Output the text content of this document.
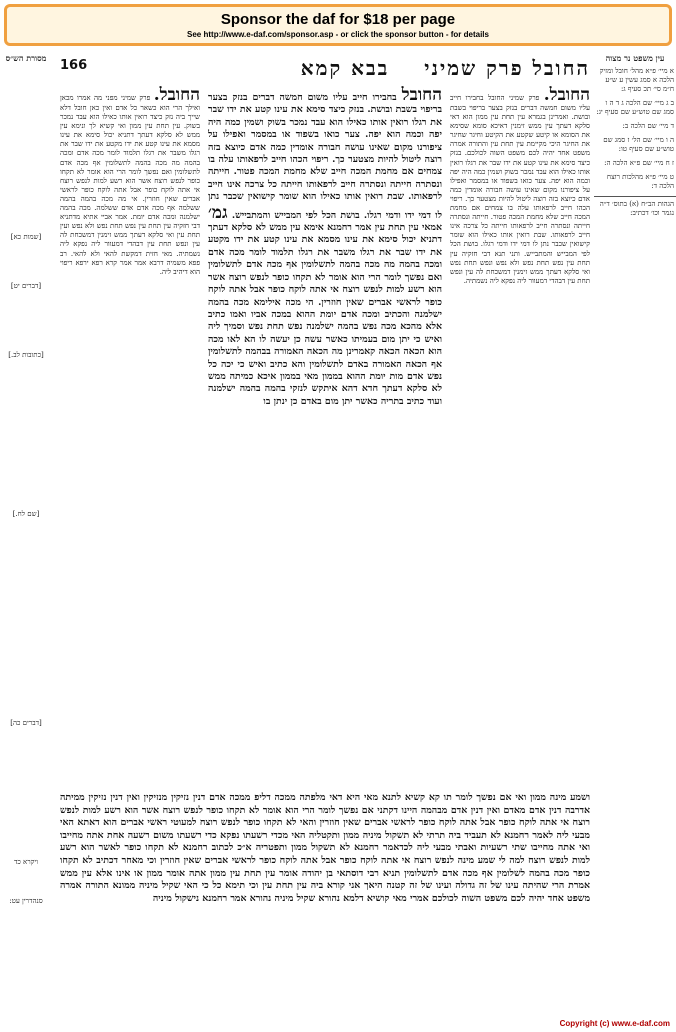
Sponsor the daf for $18 per page
See http://www.e-daf.com/sponsor.asp - or click the sponsor button - for details
עין משפט נר מצוה
א מיי׳ פ״א מהל׳ חובל ומזיק הלכה א סמג עשין ע ש״ע ח״מ סי׳ תכ סעיף ג:
ב ג מיי׳ שם הלכה ג ד ה ו סמג שם טוש״ע שם סעיף יג:
ד מיי׳ שם הלכה ב:
ה ו מיי׳ שם הל׳ ז סמג שם טוש״ע שם סעיף טו:
ז ח מיי׳ שם פ״א הלכה ה:
ט מיי׳ פ״א מהלכות רוצח הלכה ד:
הגהות הב״ח (א) בתוס׳ ד״ה נגמר וכו׳ דכתיב:
מסורת הש״ס
[שמות כא]
[דברים יט]
[כתובות לב.]
[שם לח.]
[דברים כה]
ויקרא כד
סנהדרין עט:
166	החובל פרק שמיני בבא קמא
החובל. פרק שמיני החובל בחבירו חייב עליו משום חמשה דברים בנזק בצער בריפוי בשבת ובושת. ואמרינן בגמרא עין תחת עין ממון הוא דאי סלקא דעתך עין ממש זימנין דאיכא סומא שסימא את הסומא או קיטע שקטע את הקיטע וחיגר שחיגר את החיגר היכי מקיימת עין תחת עין והתורה אמרה משפט אחד יהיה לכם משפט השוה לכולכם. בנזק כיצד סימא את עינו קטע את ידו שבר את רגלו רואין אותו כאילו הוא עבד נמכר בשוק ושמין כמה היה יפה וכמה הוא יפה. צער כואו בשפוד או במסמר ואפילו על ציפורנו מקום שאינו עושה חבורה אומדין כמה אדם כיוצא בזה רוצה ליטול להיות מצטער כך. ריפוי הכהו חייב לרפאותו עלה בו צמחים אם מחמת המכה חייב שלא מחמת המכה פטור. חייתה ונסתרה חייתה ונסתרה חייב לרפאותו חייתה כל צרכה אינו חייב לרפאותו. שבת רואין אותו כאילו הוא שומר קישואין שכבר נתן לו דמי ידו ודמי רגלו. בושת הכל לפי המבייש והמתבייש. ותני תנא דבי חזקיה עין תחת עין נפש תחת נפש ולא נפש ונפש תחת נפש ואי סלקא דעתך ממש זימנין דמשכחת לה עין ונפש תחת עין דבהדי דמעוור ליה נפקא ליה נשמתיה.
החובל בחבירו חייב עליו משום חמשה דברים בנזק בצער בריפוי בשבת ובושת. בנזק כיצד סימא את עינו קטע את ידו שבר את רגלו רואין אותו כאילו הוא עבד נמכר בשוק ושמין כמה היה יפה וכמה הוא יפה. צער כואו בשפוד או במסמר ואפילו על ציפורנו מקום שאינו עושה חבורה אומדין כמה אדם כיוצא בזה רוצה ליטול להיות מצטער כך. ריפוי הכהו חייב לרפאותו עלה בו צמחים אם מחמת המכה חייב שלא מחמת המכה פטור. חייתה ונסתרה חייתה ונסתרה חייב לרפאותו חייתה כל צרכה אינו חייב לרפאותו. שבת רואין אותו כאילו הוא שומר קישואין שכבר נתן לו דמי ידו ודמי רגלו. בושת הכל לפי המבייש והמתבייש. גמ׳ אמאי עין תחת עין אמר רחמנא אימא עין ממש לא סלקא דעתך דתניא יכול סימא את עינו מסמא את עינו קטע את ידו מקטע את ידו שבר את רגלו משבר את רגלו תלמוד לומר מכה אדם ומכה בהמה מה מכה בהמה לתשלומין אף מכה אדם לתשלומין ואם נפשך לומר הרי הוא אומר לא תקחו כופר לנפש רוצח אשר הוא רשע למות לנפש רוצח אי אתה לוקח כופר אבל אתה לוקח כופר לראשי אברים שאין חוזרין. הי מכה אילימא מכה בהמה ישלמנה והכתיב ומכה אדם יומת ההוא במכה אביו ואמו כתיב אלא מהכא מכה נפש בהמה ישלמנה נפש תחת נפש וסמיך ליה ואיש כי יתן מום בעמיתו כאשר עשה כן יעשה לו הא לאו מכה הוא הכאה הכאה קאמרינן מה הכאה האמורה בבהמה לתשלומין אף הכאה האמורה באדם לתשלומין והא כתיב ואיש כי יכה כל נפש אדם מות יומת ההוא בממון מאי בממון איכא כמיתה ממש לא סלקא דעתך חדא דהא איתקש לנזקי בהמה בהמה ישלמנה ועוד כתיב בתריה כאשר יתן מום באדם כן ינתן בו
החובל. פרק שמיני מפני מה אמרו מכאן ואילך הרי הוא כשאר כל אדם ואין כאן חובל דלא שייך ביה נזק כיצד רואין אותו כאילו הוא עבד נמכר בשוק. עין תחת עין ממון ואי קשיא לך ונימא עין ממש לא סלקא דעתך דתניא יכול סימא את עינו מסמא את עינו קטע את ידו מקטע את ידו שבר את רגלו משבר את רגלו תלמוד לומר מכה אדם ומכה בהמה מה מכה בהמה לתשלומין אף מכה אדם לתשלומין ואם נפשך לומר הרי הוא אומר לא תקחו כופר לנפש רוצח אשר הוא רשע למות לנפש רוצח אי אתה לוקח כופר אבל אתה לוקח כופר לראשי אברים שאין חוזרין. אי מה מכה בהמה בהמה ששלמה אף מכה אדם אדם ששלמה. מכה בהמה ישלמנה ומכה אדם יומת. אמר אביי אתיא מדתניא דבי חזקיה עין תחת עין נפש תחת נפש ולא נפש ועין תחת עין ואי סלקא דעתך ממש זימנין דמשכחת לה עין ונפש תחת עין דבהדי דמעוור ליה נפקא ליה נשמתיה. מאי חזית דמקשת להאי ולא להאי. רב פפא משמיה דרבא אמר אמר קרא רפא ירפא ריפוי הוא דיהיב ליה.
ושמע מינה ממון ואי אם נפשך לומר תו קא קשיא לתנא מאי היא דאי מלפתה ממכה דליפ ממכה אדם דנין נזיקין מנזיקין ואין דנין נזיקין ממיתה אדרבה דנין אדם מאדם ואין דנין אדם מבהמה היינו דקתני אם נפשך לומר הרי הוא אומר לא תקחו כופר לנפש רוצח אשר הוא רשע למות לנפש רוצח אי אתה לוקח כופר אבל אתה לוקח כופר לראשי אברים שאין חוזרין והאי לא תקחו כופר לנפש רוצח למעוטי ראשי אברים הוא דאתא האי מבעי ליה לאמר רחמנא לא תעביד ביה תרתי לא תשקול מיניה ממון ותקטליה האי מכדי רשעתו נפקא כדי רשעתו משום רשעה אחת אתה מחייבו ואי אתה מחייבו שתי רשעיות ואבתי מבעי ליה לכדאמר רחמנא לא תשקול ממון ותפטריה א״כ לכתוב רחמנא לא תקחו כופר לאשר הוא רשע למות לנפש רוצח למה לי שמע מינה לנפש רוצח אי אתה לוקח כופר אבל אתה לוקח כופר לראשי אברים שאין חוזרין וכי מאחר דכתיב לא תקחו כופר מכה בהמה לשלומין אף מכה אדם לתשלומין תניא רבי דוסתאי בן יהודה אומר עין תחת עין ממון אתה אומר ממון או אינו אלא עין ממש אמרת הרי שהיתה עינו של זה גדולה ועינו של זה קטנה היאך אני קורא ביה עין תחת עין וכי תימא כל כי האי שקיל מיניה ממונא התורה אמרה משפט אחד יהיה לכם משפט השוה לכולכם אמרי מאי קושיא דלמא נהורא שקיל מיניה נהורא אמר רחמנא נישקול מיניה
Copyright (c) www.e-daf.com
